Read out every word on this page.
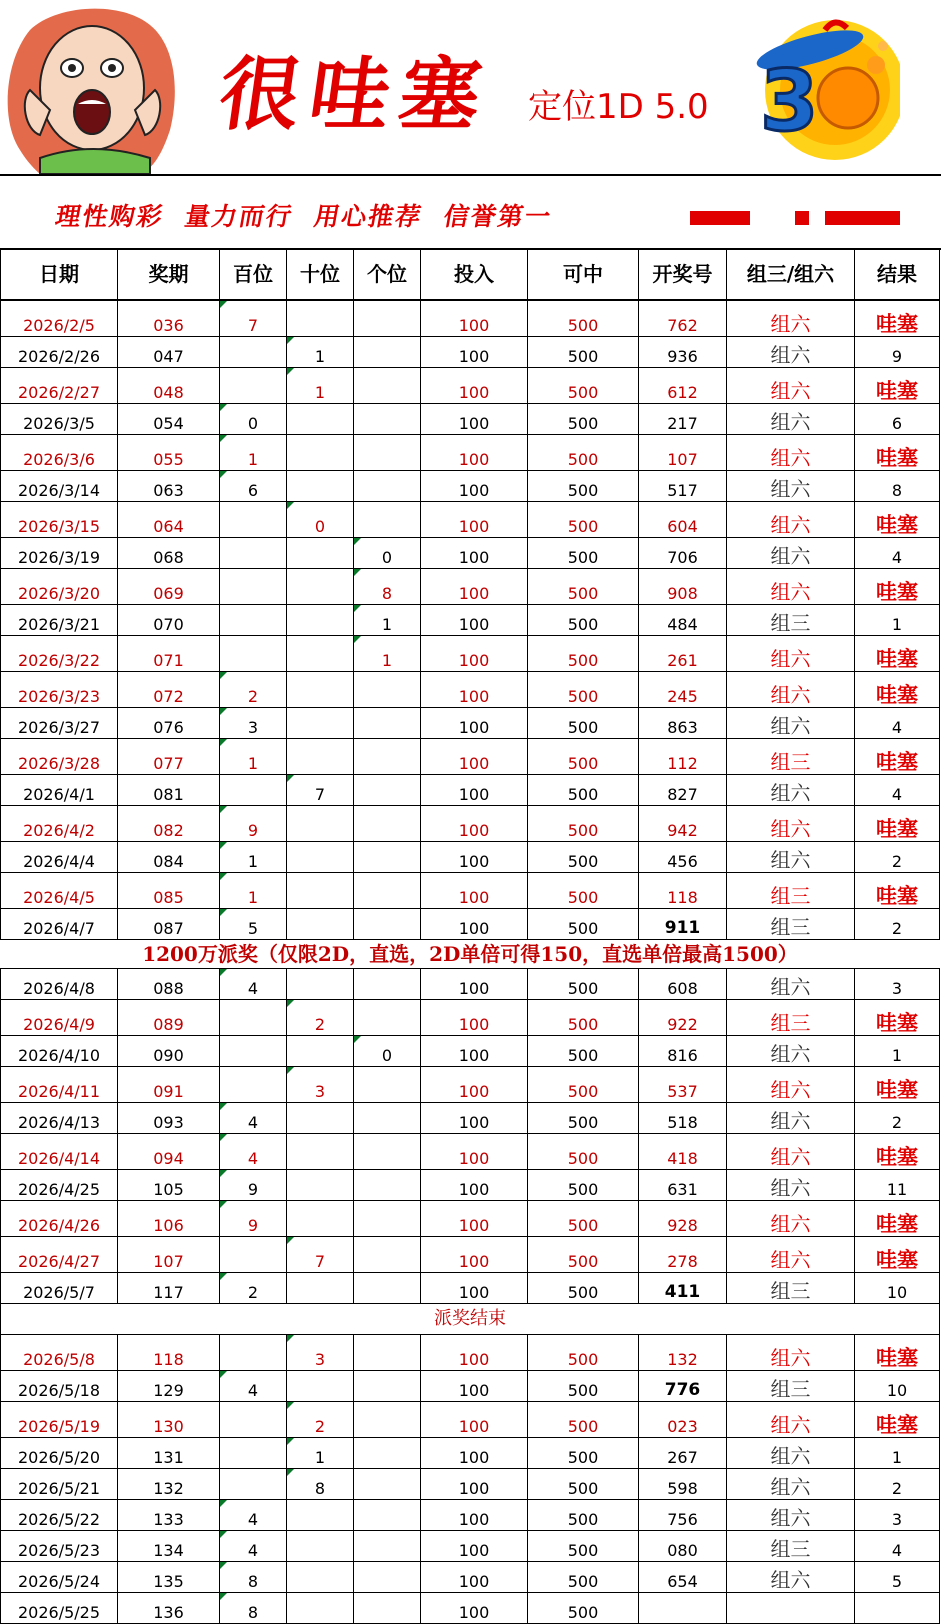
很哇塞 定位1D 5.0 3
理性购彩  量力而行  用心推荐  信誉第一
日期	奖期	百位	十位	个位	投入	可中	开奖号	组三/组六	结果
2026/2/5	036	7			100	500	762	组六	哇塞
2026/2/26	047		1		100	500	936	组六	9
2026/2/27	048		1		100	500	612	组六	哇塞
2026/3/5	054	0			100	500	217	组六	6
2026/3/6	055	1			100	500	107	组六	哇塞
2026/3/14	063	6			100	500	517	组六	8
2026/3/15	064		0		100	500	604	组六	哇塞
2026/3/19	068			0	100	500	706	组六	4
2026/3/20	069			8	100	500	908	组六	哇塞
2026/3/21	070			1	100	500	484	组三	1
2026/3/22	071			1	100	500	261	组六	哇塞
2026/3/23	072	2			100	500	245	组六	哇塞
2026/3/27	076	3			100	500	863	组六	4
2026/3/28	077	1			100	500	112	组三	哇塞
2026/4/1	081		7		100	500	827	组六	4
2026/4/2	082	9			100	500	942	组六	哇塞
2026/4/4	084	1			100	500	456	组六	2
2026/4/5	085	1			100	500	118	组三	哇塞
2026/4/7	087	5			100	500	911	组三	2
1200万派奖（仅限2D，直选，2D单倍可得150，直选单倍最高1500）									
2026/4/8	088	4			100	500	608	组六	3
2026/4/9	089		2		100	500	922	组三	哇塞
2026/4/10	090			0	100	500	816	组六	1
2026/4/11	091		3		100	500	537	组六	哇塞
2026/4/13	093	4			100	500	518	组六	2
2026/4/14	094	4			100	500	418	组六	哇塞
2026/4/25	105	9			100	500	631	组六	11
2026/4/26	106	9			100	500	928	组六	哇塞
2026/4/27	107		7		100	500	278	组六	哇塞
2026/5/7	117	2			100	500	411	组三	10
派奖结束									
2026/5/8	118		3		100	500	132	组六	哇塞
2026/5/18	129	4			100	500	776	组三	10
2026/5/19	130		2		100	500	023	组六	哇塞
2026/5/20	131		1		100	500	267	组六	1
2026/5/21	132		8		100	500	598	组六	2
2026/5/22	133	4			100	500	756	组六	3
2026/5/23	134	4			100	500	080	组三	4
2026/5/24	135	8			100	500	654	组六	5
2026/5/25	136	8			100	500			
